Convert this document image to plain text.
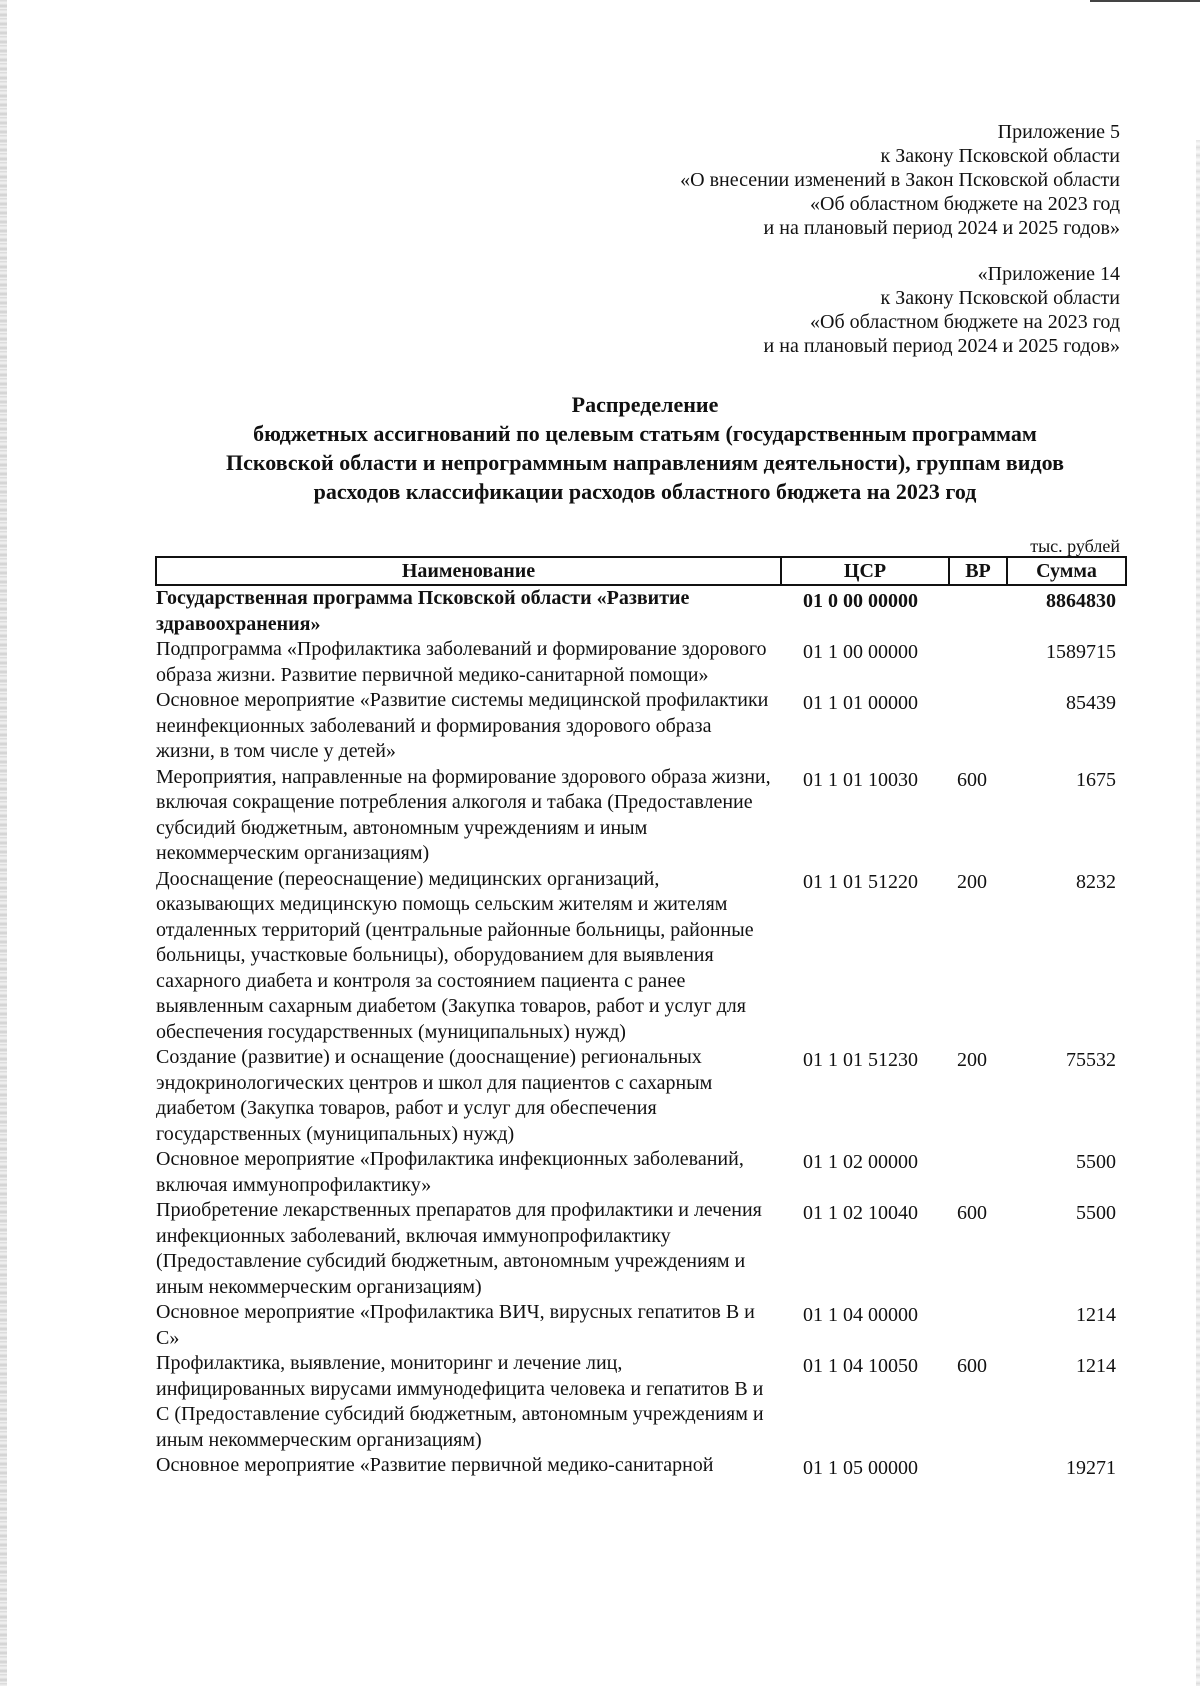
Приложение 5
к Закону Псковской области
«О внесении изменений в Закон Псковской области
«Об областном бюджете на 2023 год
и на плановый период 2024 и 2025 годов»
«Приложение 14
к Закону Псковской области
«Об областном бюджете на 2023 год
и на плановый период 2024 и 2025 годов»
Распределение
бюджетных ассигнований по целевым статьям (государственным программам
Псковской области и непрограммным направлениям деятельности), группам видов
расходов классификации расходов областного бюджета на 2023 год
тыс. рублей
Наименование	ЦСР	ВР	Сумма
Государственная программа Псковской области «Развитие здравоохранения»	01 0 00 00000		8864830
Подпрограмма «Профилактика заболеваний и формирование здорового образа жизни. Развитие первичной медико-санитарной помощи»	01 1 00 00000		1589715
Основное мероприятие «Развитие системы медицинской профилактики неинфекционных заболеваний и формирования здорового образа жизни, в том числе у детей»	01 1 01 00000		85439
Мероприятия, направленные на формирование здорового образа жизни, включая сокращение потребления алкоголя и табака (Предоставление субсидий бюджетным, автономным учреждениям и иным некоммерческим организациям)	01 1 01 10030	600	1675
Дооснащение (переоснащение) медицинских организаций, оказывающих медицинскую помощь сельским жителям и жителям отдаленных территорий (центральные районные больницы, районные больницы, участковые больницы), оборудованием для выявления сахарного диабета и контроля за состоянием пациента с ранее выявленным сахарным диабетом (Закупка товаров, работ и услуг для обеспечения государственных (муниципальных) нужд)	01 1 01 51220	200	8232
Создание (развитие) и оснащение (дооснащение) региональных эндокринологических центров и школ для пациентов с сахарным диабетом (Закупка товаров, работ и услуг для обеспечения государственных (муниципальных) нужд)	01 1 01 51230	200	75532
Основное мероприятие «Профилактика инфекционных заболеваний, включая иммунопрофилактику»	01 1 02 00000		5500
Приобретение лекарственных препаратов для профилактики и лечения инфекционных заболеваний, включая иммунопрофилактику (Предоставление субсидий бюджетным, автономным учреждениям и иным некоммерческим организациям)	01 1 02 10040	600	5500
Основное мероприятие «Профилактика ВИЧ, вирусных гепатитов В и С»	01 1 04 00000		1214
Профилактика, выявление, мониторинг и лечение лиц, инфицированных вирусами иммунодефицита человека и гепатитов В и С (Предоставление субсидий бюджетным, автономным учреждениям и иным некоммерческим организациям)	01 1 04 10050	600	1214
Основное мероприятие «Развитие первичной медико-санитарной	01 1 05 00000		19271
